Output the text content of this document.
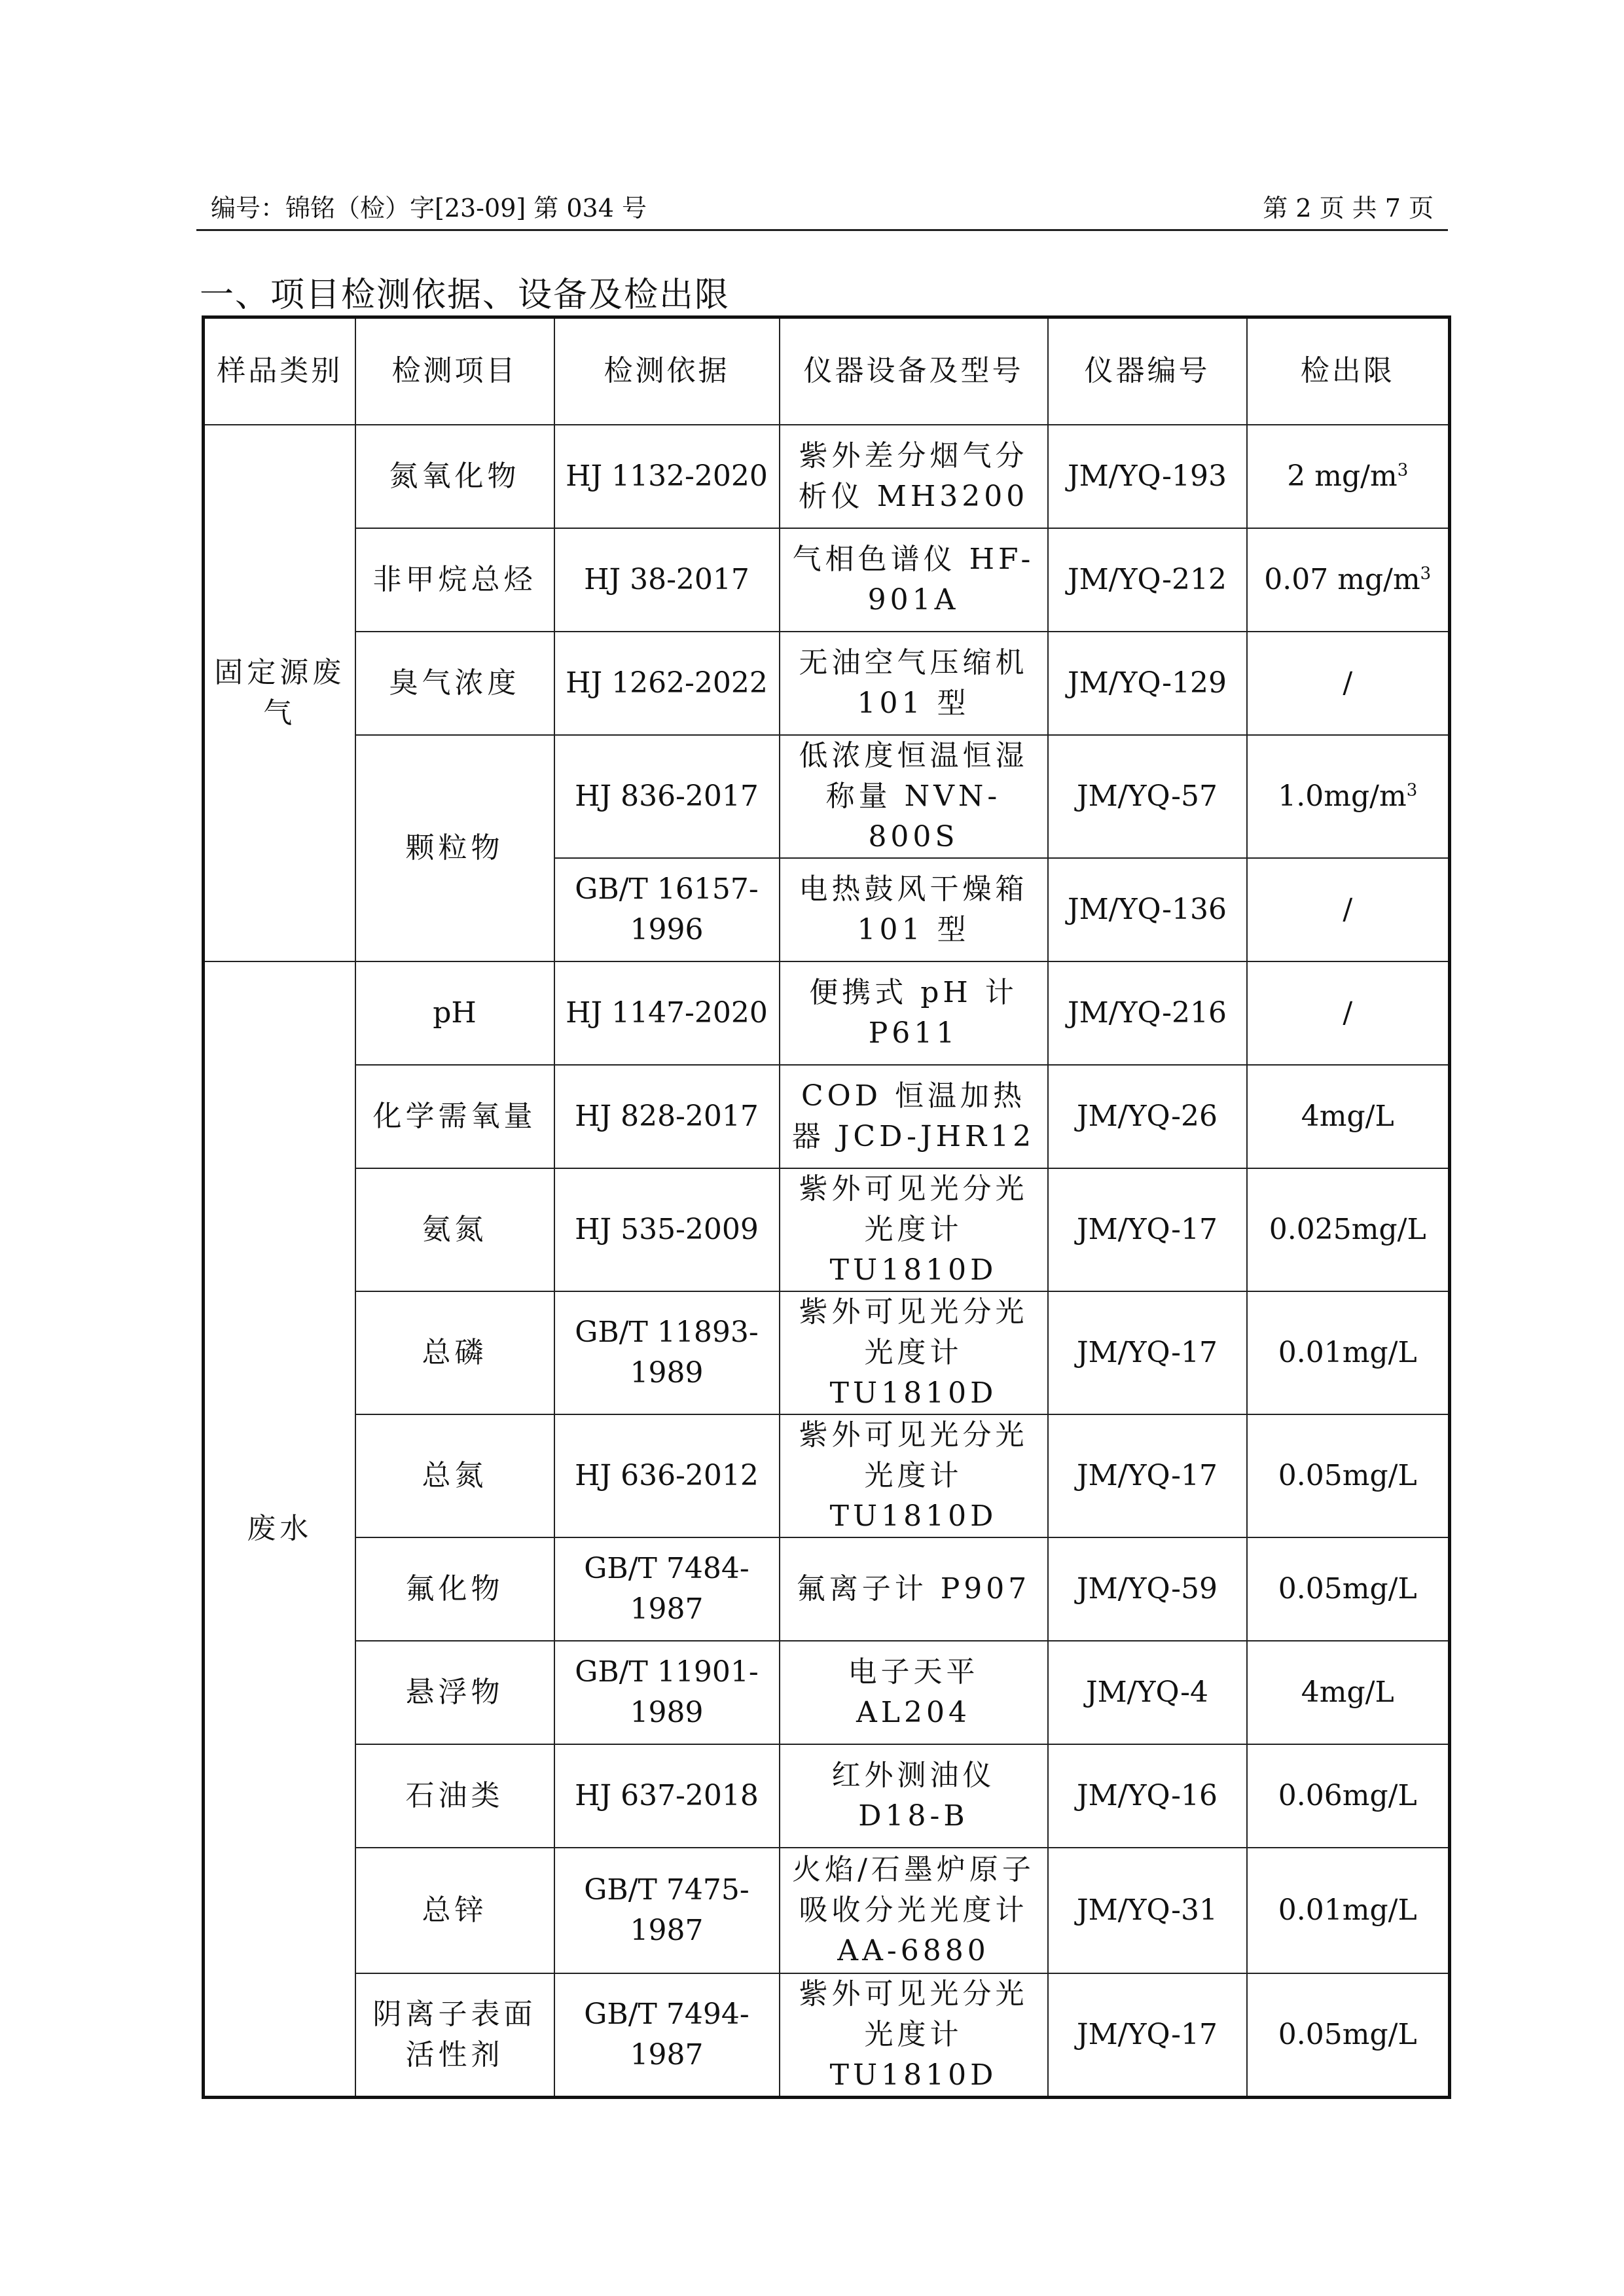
编号：锦铭（检）字[23-09] 第 034 号	第 2 页 共 7 页
一、项目检测依据、设备及检出限
样品类别	检测项目	检测依据	仪器设备及型号	仪器编号	检出限
固定源废气	氮氧化物	HJ 1132-2020	紫外差分烟气分析仪 MH3200	JM/YQ-193	2 $mg/m^3$
	非甲烷总烃	HJ 38-2017	气相色谱仪 HF-901A	JM/YQ-212	0.07 $mg/m^3$
	臭气浓度	HJ 1262-2022	无油空气压缩机 101 型	JM/YQ-129	/
	颗粒物	HJ 836-2017	低浓度恒温恒湿称量 NVN-800S	JM/YQ-57	$1.0mg/m^3$
		GB/T 16157-1996	电热鼓风干燥箱 101 型	JM/YQ-136	/
废水	pH	HJ 1147-2020	便携式 pH 计 P611	JM/YQ-216	/
	化学需氧量	HJ 828-2017	COD 恒温加热器 JCD-JHR12	JM/YQ-26	4mg/L
	氨氮	HJ 535-2009	紫外可见光分光光度计 TU1810D	JM/YQ-17	0.025mg/L
	总磷	GB/T 11893-1989	紫外可见光分光光度计 TU1810D	JM/YQ-17	0.01mg/L
	总氮	HJ 636-2012	紫外可见光分光光度计 TU1810D	JM/YQ-17	0.05mg/L
	氟化物	GB/T 7484-1987	氟离子计 P907	JM/YQ-59	0.05mg/L
	悬浮物	GB/T 11901-1989	电子天平 AL204	JM/YQ-4	4mg/L
	石油类	HJ 637-2018	红外测油仪 D18-B	JM/YQ-16	0.06mg/L
	总锌	GB/T 7475-1987	火焰/石墨炉原子吸收分光光度计 AA-6880	JM/YQ-31	0.01mg/L
	阴离子表面活性剂	GB/T 7494-1987	紫外可见光分光光度计 TU1810D	JM/YQ-17	0.05mg/L
